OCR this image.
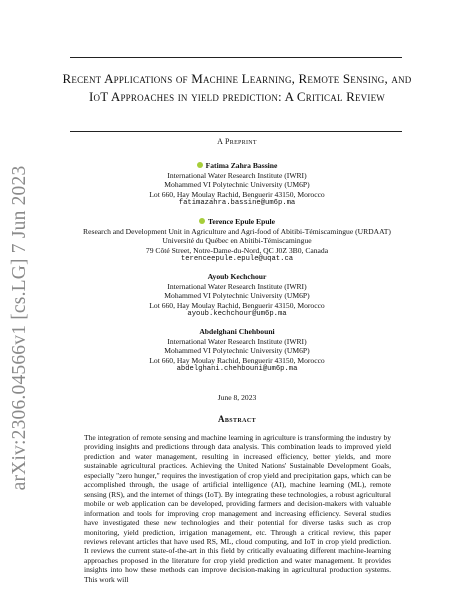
arXiv:2306.04566v1 [cs.LG] 7 Jun 2023
Recent Applications of Machine Learning, Remote Sensing, and IoT Approaches in yield prediction: A Critical Review
A Preprint
Fatima Zahra Bassine
International Water Research Institute (IWRI)
Mohammed VI Polytechnic University (UM6P)
Lot 660, Hay Moulay Rachid, Benguerir 43150, Morocco
fatimazahra.bassine@um6p.ma
Terence Epule Epule
Research and Development Unit in Agriculture and Agri-food of Abitibi-Témiscamingue (URDAAT)
Université du Québec en Abitibi-Témiscamingue
79 Côté Street, Notre-Dame-du-Nord, QC J0Z 3B0, Canada
terenceepule.epule@uqat.ca
Ayoub Kechchour
International Water Research Institute (IWRI)
Mohammed VI Polytechnic University (UM6P)
Lot 660, Hay Moulay Rachid, Benguerir 43150, Morocco
ayoub.kechchour@um6p.ma
Abdelghani Chehbouni
International Water Research Institute (IWRI)
Mohammed VI Polytechnic University (UM6P)
Lot 660, Hay Moulay Rachid, Benguerir 43150, Morocco
abdelghani.chehbouni@um6p.ma
June 8, 2023
Abstract
The integration of remote sensing and machine learning in agriculture is transforming the industry by providing insights and predictions through data analysis. This combination leads to improved yield prediction and water management, resulting in increased efficiency, better yields, and more sustainable agricultural practices. Achieving the United Nations' Sustainable Development Goals, especially "zero hunger," requires the investigation of crop yield and precipitation gaps, which can be accomplished through, the usage of artificial intelligence (AI), machine learning (ML), remote sensing (RS), and the internet of things (IoT). By integrating these technologies, a robust agricultural mobile or web application can be developed, providing farmers and decision-makers with valuable information and tools for improving crop management and increasing efficiency. Several studies have investigated these new technologies and their potential for diverse tasks such as crop monitoring, yield prediction, irrigation management, etc. Through a critical review, this paper reviews relevant articles that have used RS, ML, cloud computing, and IoT in crop yield prediction. It reviews the current state-of-the-art in this field by critically evaluating different machine-learning approaches proposed in the literature for crop yield prediction and water management. It provides insights into how these methods can improve decision-making in agricultural production systems. This work will
